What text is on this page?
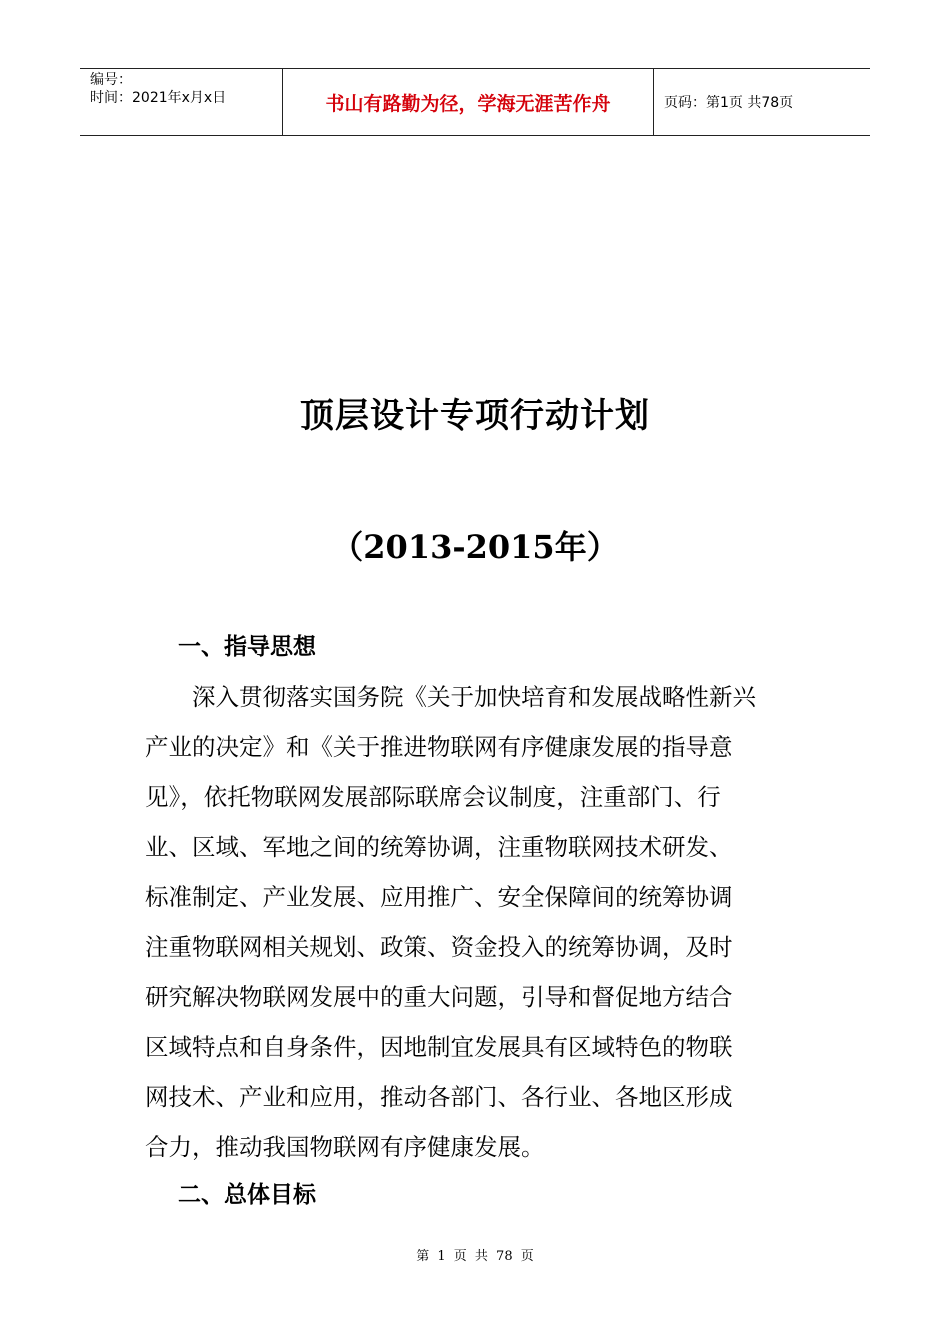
编号：
时间：2021年x月x日	书山有路勤为径，学海无涯苦作舟	页码：第1页 共78页
顶层设计专项行动计划
（2013-2015年）
一、指导思想
　　深入贯彻落实国务院《关于加快培育和发展战略性新兴
产业的决定》和《关于推进物联网有序健康发展的指导意
见》，依托物联网发展部际联席会议制度，注重部门、行
业、区域、军地之间的统筹协调，注重物联网技术研发、
标准制定、产业发展、应用推广、安全保障间的统筹协调
注重物联网相关规划、政策、资金投入的统筹协调，及时
研究解决物联网发展中的重大问题，引导和督促地方结合
区域特点和自身条件，因地制宜发展具有区域特色的物联
网技术、产业和应用，推动各部门、各行业、各地区形成
合力，推动我国物联网有序健康发展。
二、总体目标
第 1 页 共 78 页
